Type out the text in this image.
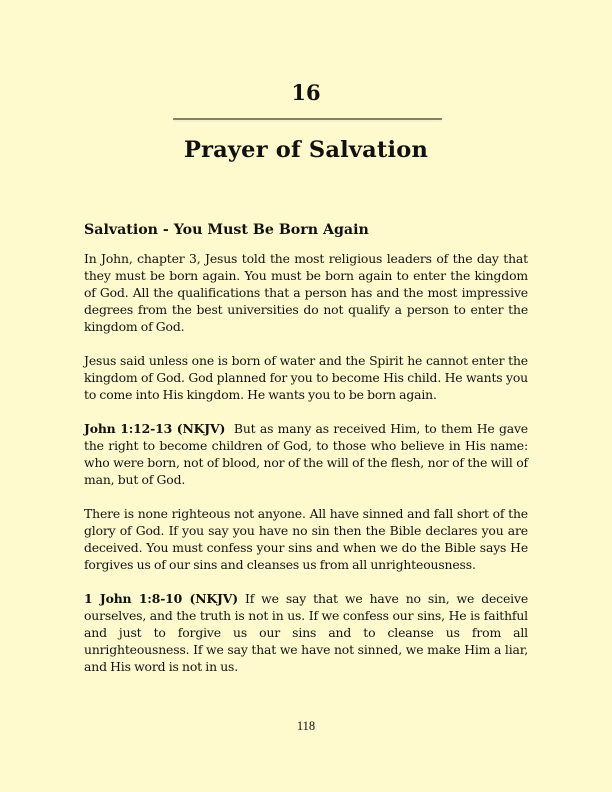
16
Prayer of Salvation
Salvation - You Must Be Born Again

In John, chapter 3, Jesus told the most religious leaders of the day that they must be born again. You must be born again to enter the kingdom of God. All the qualifications that a person has and the most impressive degrees from the best universities do not qualify a person to enter the kingdom of God.

Jesus said unless one is born of water and the Spirit he cannot enter the kingdom of God. God planned for you to become His child. He wants you to come into His kingdom. He wants you to be born again.

John 1:12-13 (NKJV)  But as many as received Him, to them He gave the right to become children of God, to those who believe in His name: who were born, not of blood, nor of the will of the flesh, nor of the will of man, but of God.

There is none righteous not anyone. All have sinned and fall short of the glory of God. If you say you have no sin then the Bible declares you are deceived. You must confess your sins and when we do the Bible says He forgives us of our sins and cleanses us from all unrighteousness.

1 John 1:8-10 (NKJV) If we say that we have no sin, we deceive ourselves, and the truth is not in us. If we confess our sins, He is faithful and just to forgive us our sins and to cleanse us from all unrighteousness. If we say that we have not sinned, we make Him a liar, and His word is not in us.

118
